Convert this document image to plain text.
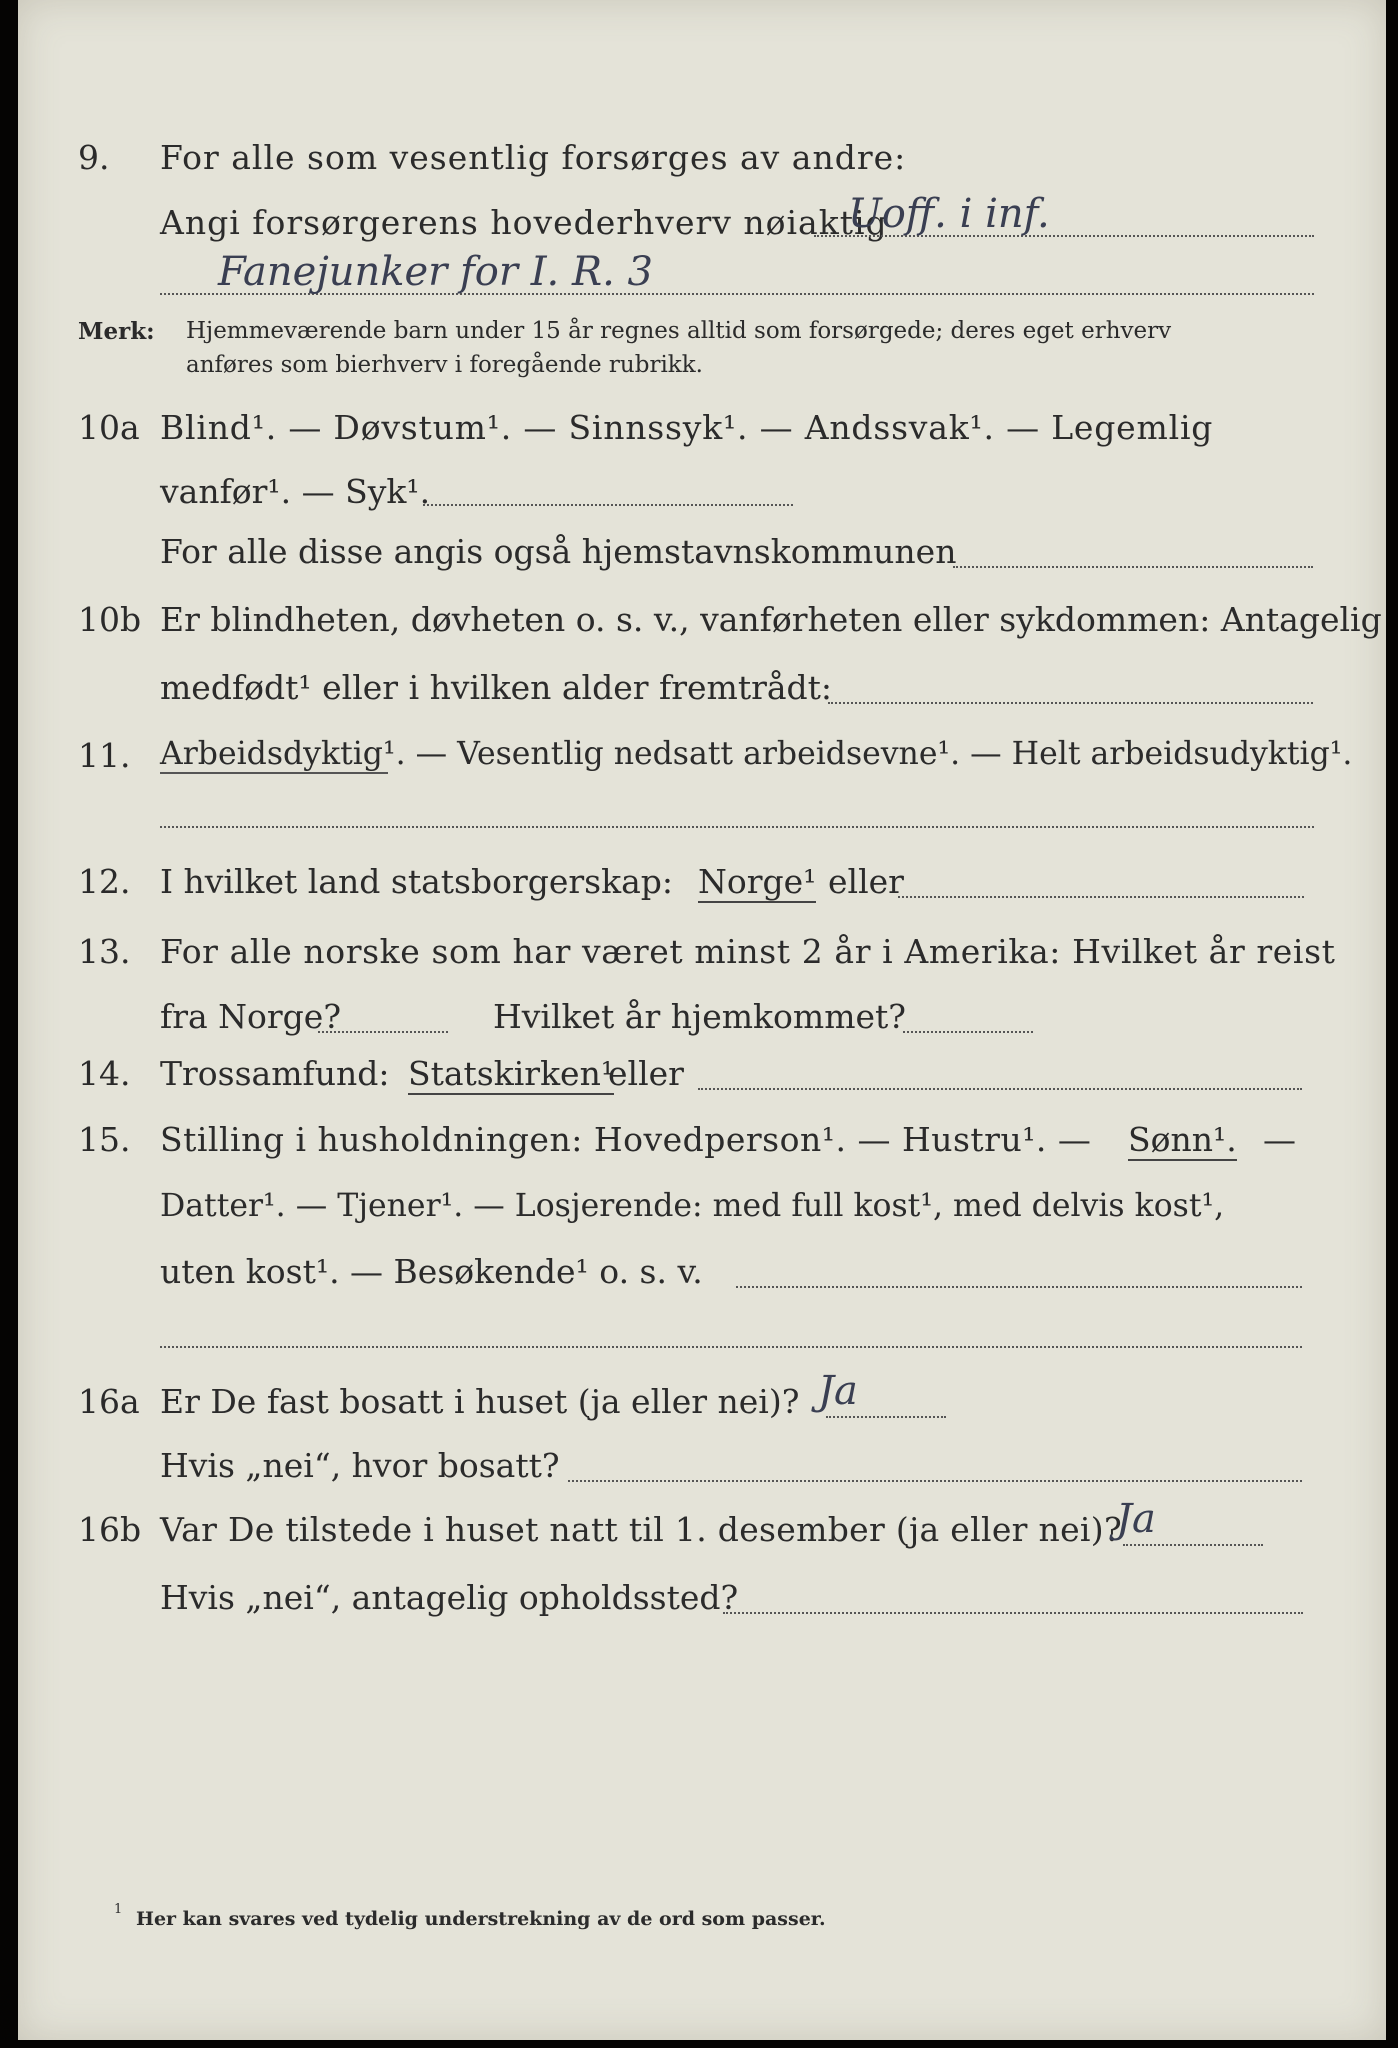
9. For alle som vesentlig forsørges av andre:
Angi forsørgerens hovederhverv nøiaktig
Uoff. i inf.
Fanejunker for I. R. 3
Merk: Hjemmeværende barn under 15 år regnes alltid som forsørgede; deres eget erhverv
anføres som bierhverv i foregående rubrikk.
10a Blind¹. — Døvstum¹. — Sinnssyk¹. — Andssvak¹. — Legemlig
vanfør¹. — Syk¹.
For alle disse angis også hjemstavnskommunen
10b Er blindheten, døvheten o. s. v., vanførheten eller sykdommen: Antagelig
medfødt¹ eller i hvilken alder fremtrådt:
11. Arbeidsdyktig¹. — Vesentlig nedsatt arbeidsevne¹. — Helt arbeidsudyktig¹.
12. I hvilket land statsborgerskap: Norge¹ eller
13. For alle norske som har været minst 2 år i Amerika: Hvilket år reist
fra Norge?	Hvilket år hjemkommet?
14. Trossamfund: Statskirken¹
eller
15. Stilling i husholdningen: Hovedperson¹. — Hustru¹. — Sønn¹. —
Datter¹. — Tjener¹. — Losjerende: med full kost¹, med delvis kost¹,
uten kost¹. — Besøkende¹ o. s. v.
16a Er De fast bosatt i huset (ja eller nei)? Ja
Hvis „nei“, hvor bosatt?
16b Var De tilstede i huset natt til 1. desember (ja eller nei)?
Ja
Hvis „nei“, antagelig opholdssted?
1 Her kan svares ved tydelig understrekning av de ord som passer.
